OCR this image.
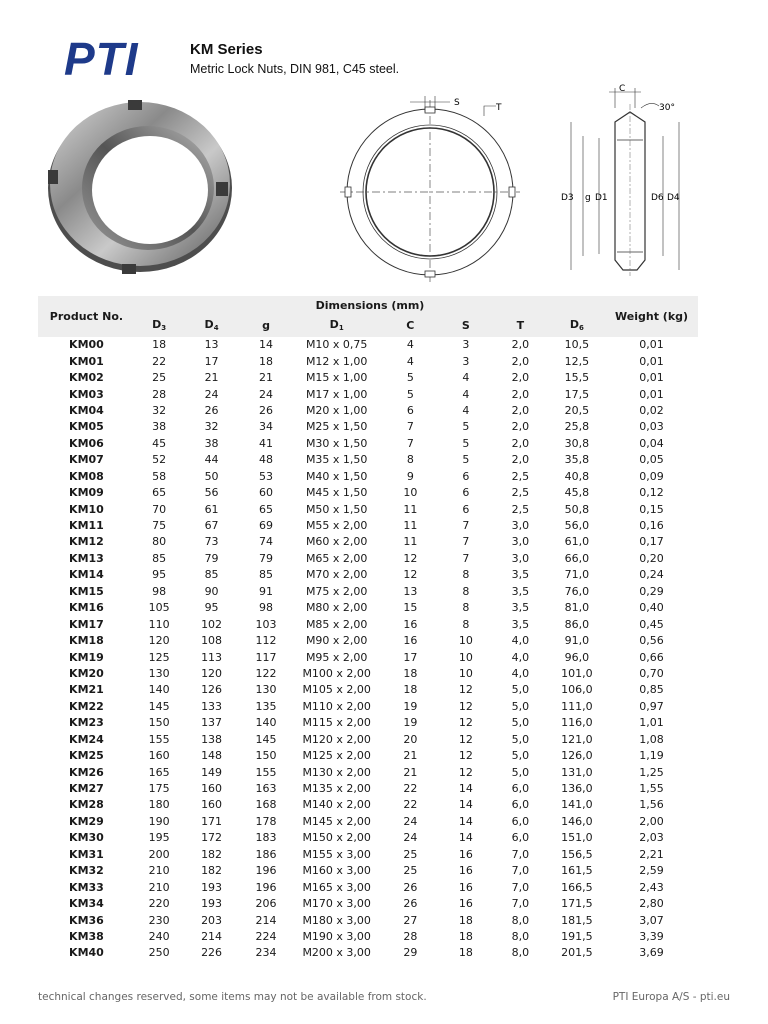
PTI	KM Series
Metric Lock Nuts, DIN 981, C45 steel.
S	T
C
30°
D3 g D1	D6 D4
Product No.	Dimensions (mm)								Weight (kg)
	$D_3$	$D_4$	g	$D_1$	C	S	T	$D_6$
KM00	18	13	14	M10 x 0,75	4	3	2,0	10,5	0,01
KM01	22	17	18	M12 x 1,00	4	3	2,0	12,5	0,01
KM02	25	21	21	M15 x 1,00	5	4	2,0	15,5	0,01
KM03	28	24	24	M17 x 1,00	5	4	2,0	17,5	0,01
KM04	32	26	26	M20 x 1,00	6	4	2,0	20,5	0,02
KM05	38	32	34	M25 x 1,50	7	5	2,0	25,8	0,03
KM06	45	38	41	M30 x 1,50	7	5	2,0	30,8	0,04
KM07	52	44	48	M35 x 1,50	8	5	2,0	35,8	0,05
KM08	58	50	53	M40 x 1,50	9	6	2,5	40,8	0,09
KM09	65	56	60	M45 x 1,50	10	6	2,5	45,8	0,12
KM10	70	61	65	M50 x 1,50	11	6	2,5	50,8	0,15
KM11	75	67	69	M55 x 2,00	11	7	3,0	56,0	0,16
KM12	80	73	74	M60 x 2,00	11	7	3,0	61,0	0,17
KM13	85	79	79	M65 x 2,00	12	7	3,0	66,0	0,20
KM14	95	85	85	M70 x 2,00	12	8	3,5	71,0	0,24
KM15	98	90	91	M75 x 2,00	13	8	3,5	76,0	0,29
KM16	105	95	98	M80 x 2,00	15	8	3,5	81,0	0,40
KM17	110	102	103	M85 x 2,00	16	8	3,5	86,0	0,45
KM18	120	108	112	M90 x 2,00	16	10	4,0	91,0	0,56
KM19	125	113	117	M95 x 2,00	17	10	4,0	96,0	0,66
KM20	130	120	122	M100 x 2,00	18	10	4,0	101,0	0,70
KM21	140	126	130	M105 x 2,00	18	12	5,0	106,0	0,85
KM22	145	133	135	M110 x 2,00	19	12	5,0	111,0	0,97
KM23	150	137	140	M115 x 2,00	19	12	5,0	116,0	1,01
KM24	155	138	145	M120 x 2,00	20	12	5,0	121,0	1,08
KM25	160	148	150	M125 x 2,00	21	12	5,0	126,0	1,19
KM26	165	149	155	M130 x 2,00	21	12	5,0	131,0	1,25
KM27	175	160	163	M135 x 2,00	22	14	6,0	136,0	1,55
KM28	180	160	168	M140 x 2,00	22	14	6,0	141,0	1,56
KM29	190	171	178	M145 x 2,00	24	14	6,0	146,0	2,00
KM30	195	172	183	M150 x 2,00	24	14	6,0	151,0	2,03
KM31	200	182	186	M155 x 3,00	25	16	7,0	156,5	2,21
KM32	210	182	196	M160 x 3,00	25	16	7,0	161,5	2,59
KM33	210	193	196	M165 x 3,00	26	16	7,0	166,5	2,43
KM34	220	193	206	M170 x 3,00	26	16	7,0	171,5	2,80
KM36	230	203	214	M180 x 3,00	27	18	8,0	181,5	3,07
KM38	240	214	224	M190 x 3,00	28	18	8,0	191,5	3,39
KM40	250	226	234	M200 x 3,00	29	18	8,0	201,5	3,69
technical changes reserved, some items may not be available from stock.	PTI Europa A/S - pti.eu
